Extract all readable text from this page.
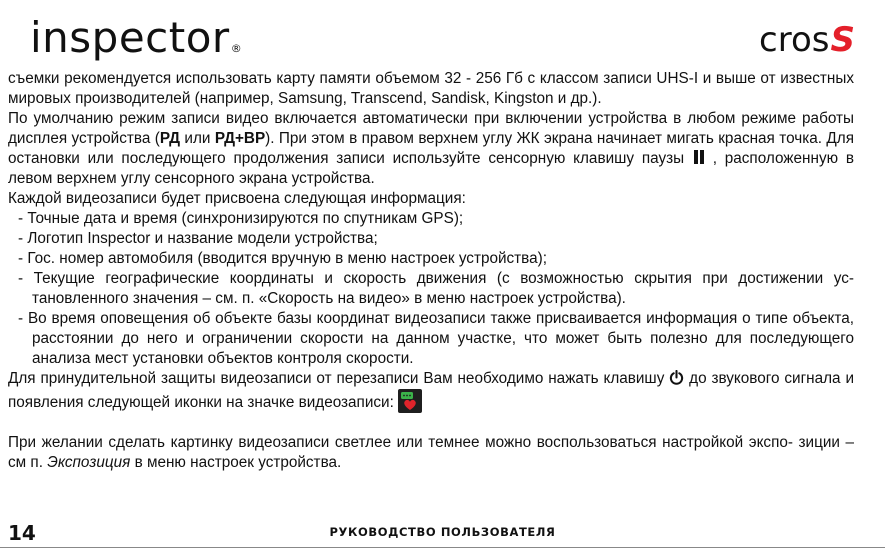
inspector®	cros S

съемки рекомендуется использовать карту памяти объемом 32 - 256 Гб с классом записи UHS-I и выше от известных мировых производителей (например, Samsung, Transcend, Sandisk, Kingston и др.).

По умолчанию режим записи видео включается автоматически при включении устройства в любом режиме работы дисплея устройства (РД или РД+ВР). При этом в правом верхнем углу ЖК экрана начинает мигать красная точка. Для остановки или последующего продолжения записи используйте сенсорную клавишу паузы  , расположенную в левом верхнем углу сенсорного экрана устройства.

Каждой видеозаписи будет присвоена следующая информация:

- Точные дата и время (синхронизируются по спутникам GPS);
- Логотип Inspector и название модели устройства;
- Гос. номер автомобиля (вводится вручную в меню настроек устройства);
- Текущие географические координаты и скорость движения (с возможностью скрытия при достижении ус- тановленного значения – см. п. «Скорость на видео» в меню настроек устройства).
- Во время оповещения об объекте базы координат видеозаписи также присваивается информация о типе объекта, расстоянии до него и ограничении скорости на данном участке, что может быть полезно для последующего анализа мест установки объектов контроля скорости.

Для принудительной защиты видеозаписи от перезаписи Вам необходимо нажать клавишу  до звукового сигнала и появления следующей иконки на значке видеозаписи:

При желании сделать картинку видеозаписи светлее или темнее можно воспользоваться настройкой экспо- зиции – см п. Экспозиция в меню настроек устройства.

14	РУКОВОДСТВО ПОЛЬЗОВАТЕЛЯ
